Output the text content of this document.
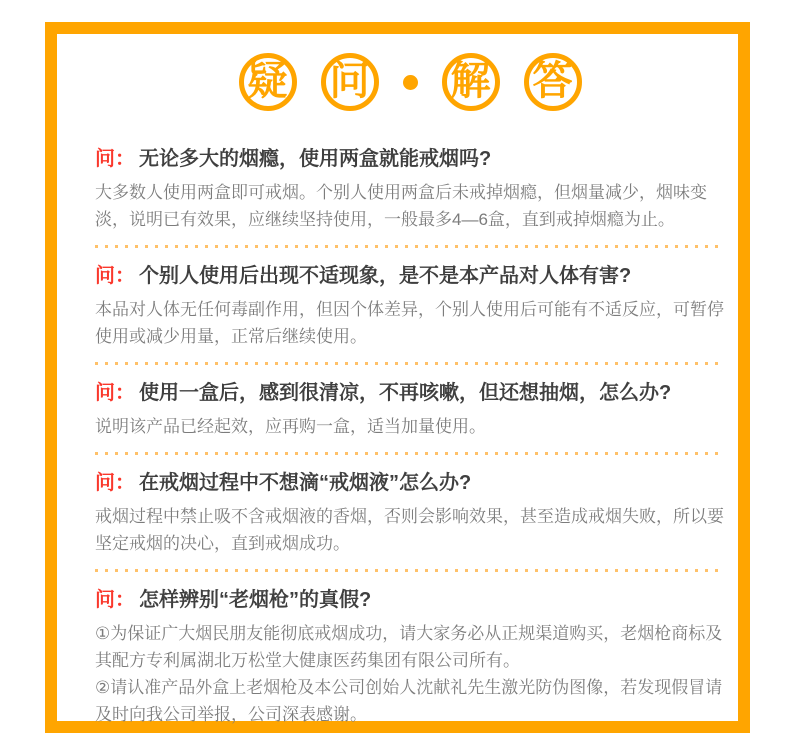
疑 问 解 答
问： 无论多大的烟瘾，使用两盒就能戒烟吗?

大多数人使用两盒即可戒烟。个别人使用两盒后未戒掉烟瘾，但烟量减少，烟味变淡，说明已有效果，应继续坚持使用，一般最多4—6盒，直到戒掉烟瘾为止。

问： 个别人使用后出现不适现象，是不是本产品对人体有害?

本品对人体无任何毒副作用，但因个体差异，个别人使用后可能有不适反应，可暂停使用或减少用量，正常后继续使用。

问： 使用一盒后，感到很清凉，不再咳嗽，但还想抽烟，怎么办?

说明该产品已经起效，应再购一盒，适当加量使用。

问： 在戒烟过程中不想滴“戒烟液”怎么办?

戒烟过程中禁止吸不含戒烟液的香烟，否则会影响效果，甚至造成戒烟失败，所以要坚定戒烟的决心，直到戒烟成功。

问： 怎样辨别“老烟枪”的真假?

①为保证广大烟民朋友能彻底戒烟成功，请大家务必从正规渠道购买，老烟枪商标及其配方专利属湖北万松堂大健康医药集团有限公司所有。

②请认准产品外盒上老烟枪及本公司创始人沈献礼先生激光防伪图像，若发现假冒请及时向我公司举报，公司深表感谢。
